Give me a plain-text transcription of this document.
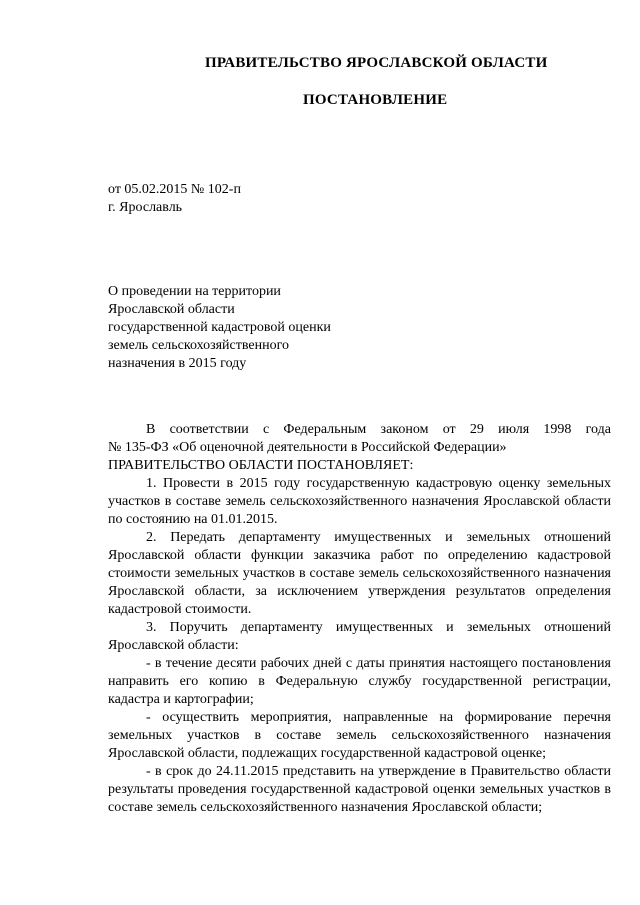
ПРАВИТЕЛЬСТВО ЯРОСЛАВСКОЙ ОБЛАСТИ
ПОСТАНОВЛЕНИЕ
от 05.02.2015 № 102-п
г. Ярославль
О проведении на территории
Ярославской области
государственной кадастровой оценки
земель сельскохозяйственного
назначения в 2015 году
В соответствии с Федеральным законом от 29 июля 1998 года
№ 135-ФЗ «Об оценочной деятельности в Российской Федерации»
ПРАВИТЕЛЬСТВО ОБЛАСТИ ПОСТАНОВЛЯЕТ:
1. Провести в 2015 году государственную кадастровую оценку земельных участков в составе земель сельскохозяйственного назначения Ярославской области по состоянию на 01.01.2015.
2. Передать департаменту имущественных и земельных отношений Ярославской области функции заказчика работ по определению кадастровой стоимости земельных участков в составе земель сельскохозяйственного назначения Ярославской области, за исключением утверждения результатов определения кадастровой стоимости.
3. Поручить департаменту имущественных и земельных отношений Ярославской области:
- в течение десяти рабочих дней с даты принятия настоящего постановления направить его копию в Федеральную службу государственной регистрации, кадастра и картографии;
- осуществить мероприятия, направленные на формирование перечня земельных участков в составе земель сельскохозяйственного назначения Ярославской области, подлежащих государственной кадастровой оценке;
- в срок до 24.11.2015 представить на утверждение в Правительство области результаты проведения государственной кадастровой оценки земельных участков в составе земель сельскохозяйственного назначения Ярославской области;
